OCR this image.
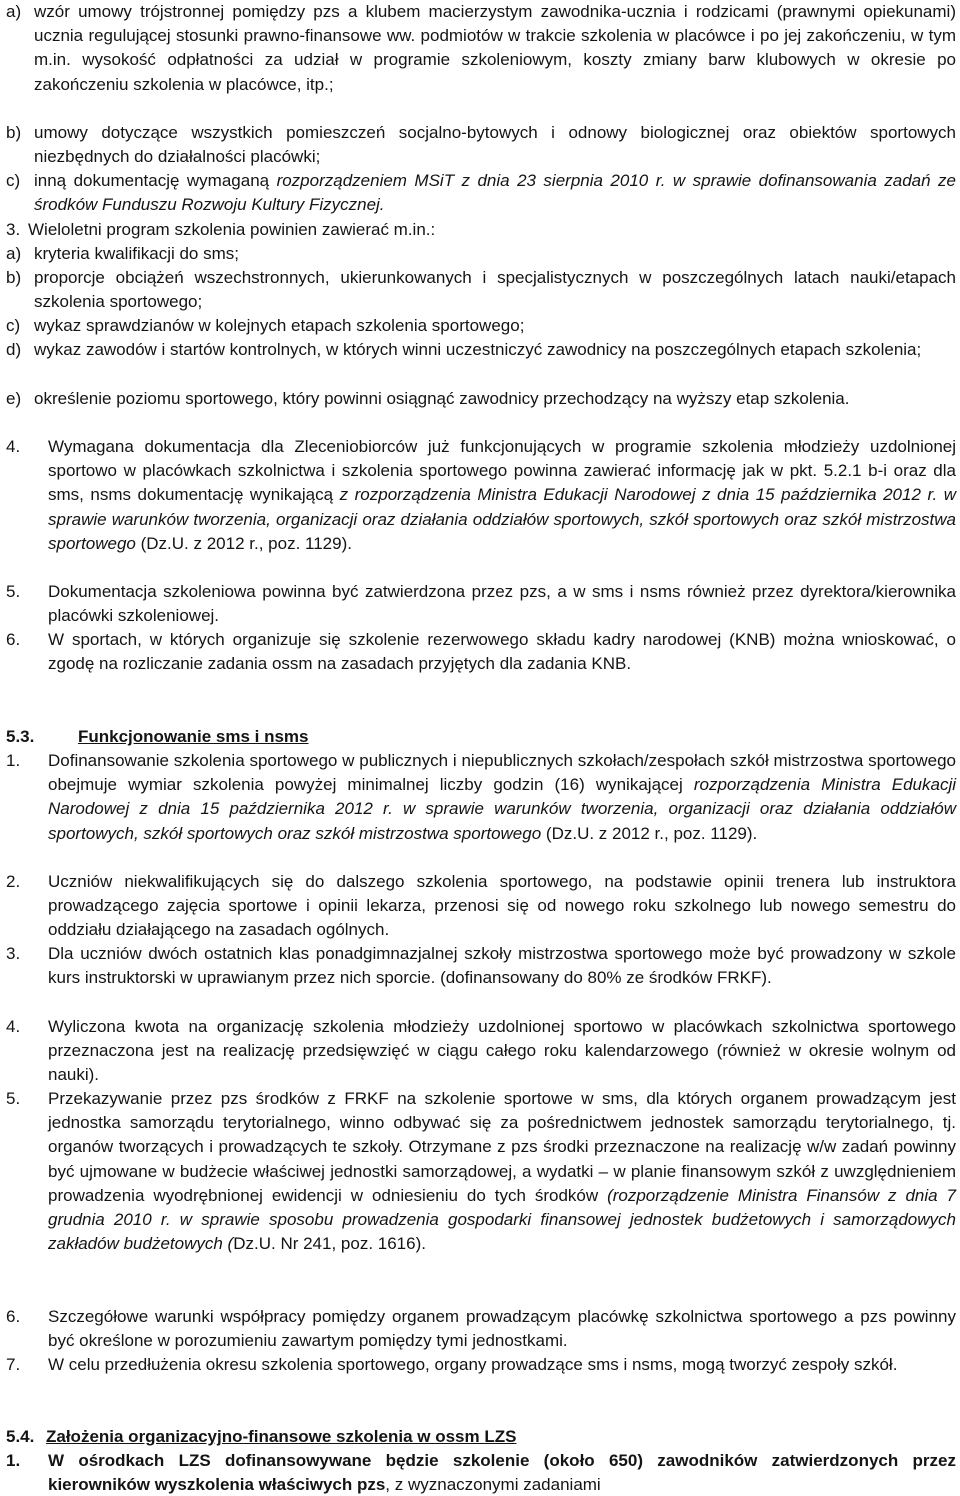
a) wzór umowy trójstronnej pomiędzy pzs a klubem macierzystym zawodnika-ucznia i rodzicami (prawnymi opiekunami) ucznia regulującej stosunki prawno-finansowe ww. podmiotów w trakcie szkolenia w placówce i po jej zakończeniu, w tym m.in. wysokość odpłatności za udział w programie szkoleniowym, koszty zmiany barw klubowych w okresie po zakończeniu szkolenia w placówce, itp.;

b) umowy dotyczące wszystkich pomieszczeń socjalno-bytowych i odnowy biologicznej oraz obiektów sportowych niezbędnych do działalności placówki;

c) inną dokumentację wymaganą rozporządzeniem MSiT z dnia 23 sierpnia 2010 r. w sprawie dofinansowania zadań ze środków Funduszu Rozwoju Kultury Fizycznej.

3. Wieloletni program szkolenia powinien zawierać m.in.:

a) kryteria kwalifikacji do sms;

b) proporcje obciążeń wszechstronnych, ukierunkowanych i specjalistycznych w poszczególnych latach nauki/etapach szkolenia sportowego;

c) wykaz sprawdzianów w kolejnych etapach szkolenia sportowego;

d) wykaz zawodów i startów kontrolnych, w których winni uczestniczyć zawodnicy na poszczególnych etapach szkolenia;

e) określenie poziomu sportowego, który powinni osiągnąć zawodnicy przechodzący na wyższy etap szkolenia.

4. Wymagana dokumentacja dla Zleceniobiorców już funkcjonujących w programie szkolenia młodzieży uzdolnionej sportowo w placówkach szkolnictwa i szkolenia sportowego powinna zawierać informację jak w pkt. 5.2.1 b-i oraz dla sms, nsms dokumentację wynikającą z rozporządzenia Ministra Edukacji Narodowej z dnia 15 października 2012 r. w sprawie warunków tworzenia, organizacji oraz działania oddziałów sportowych, szkół sportowych oraz szkół mistrzostwa sportowego (Dz.U. z 2012 r., poz. 1129).

5. Dokumentacja szkoleniowa powinna być zatwierdzona przez pzs, a w sms i nsms również przez dyrektora/kierownika placówki szkoleniowej.

6. W sportach, w których organizuje się szkolenie rezerwowego składu kadry narodowej (KNB) można wnioskować, o zgodę na rozliczanie zadania ossm na zasadach przyjętych dla zadania KNB.

5.3.	Funkcjonowanie sms i nsms

1. Dofinansowanie szkolenia sportowego w publicznych i niepublicznych szkołach/zespołach szkół mistrzostwa sportowego obejmuje wymiar szkolenia powyżej minimalnej liczby godzin (16) wynikającej rozporządzenia Ministra Edukacji Narodowej z dnia 15 października 2012 r. w sprawie warunków tworzenia, organizacji oraz działania oddziałów sportowych, szkół sportowych oraz szkół mistrzostwa sportowego (Dz.U. z 2012 r., poz. 1129).

2. Uczniów niekwalifikujących się do dalszego szkolenia sportowego, na podstawie opinii trenera lub instruktora prowadzącego zajęcia sportowe i opinii lekarza, przenosi się od nowego roku szkolnego lub nowego semestru do oddziału działającego na zasadach ogólnych.

3. Dla uczniów dwóch ostatnich klas ponadgimnazjalnej szkoły mistrzostwa sportowego może być prowadzony w szkole kurs instruktorski w uprawianym przez nich sporcie. (dofinansowany do 80% ze środków FRKF).

4. Wyliczona kwota na organizację szkolenia młodzieży uzdolnionej sportowo w placówkach szkolnictwa sportowego przeznaczona jest na realizację przedsięwzięć w ciągu całego roku kalendarzowego (również w okresie wolnym od nauki).

5. Przekazywanie przez pzs środków z FRKF na szkolenie sportowe w sms, dla których organem prowadzącym jest jednostka samorządu terytorialnego, winno odbywać się za pośrednictwem jednostek samorządu terytorialnego, tj. organów tworzących i prowadzących te szkoły. Otrzymane z pzs środki przeznaczone na realizację w/w zadań powinny być ujmowane w budżecie właściwej jednostki samorządowej, a wydatki – w planie finansowym szkół z uwzględnieniem prowadzenia wyodrębnionej ewidencji w odniesieniu do tych środków (rozporządzenie Ministra Finansów z dnia 7 grudnia 2010 r. w sprawie sposobu prowadzenia gospodarki finansowej jednostek budżetowych i samorządowych zakładów budżetowych (Dz.U. Nr 241, poz. 1616).

6. Szczegółowe warunki współpracy pomiędzy organem prowadzącym placówkę szkolnictwa sportowego a pzs powinny być określone w porozumieniu zawartym pomiędzy tymi jednostkami.

7. W celu przedłużenia okresu szkolenia sportowego, organy prowadzące sms i nsms, mogą tworzyć zespoły szkół.

5.4. Założenia organizacyjno-finansowe szkolenia w ossm LZS

1. W ośrodkach LZS dofinansowywane będzie szkolenie (około 650) zawodników zatwierdzonych przez kierowników wyszkolenia właściwych pzs, z wyznaczonymi zadaniami
